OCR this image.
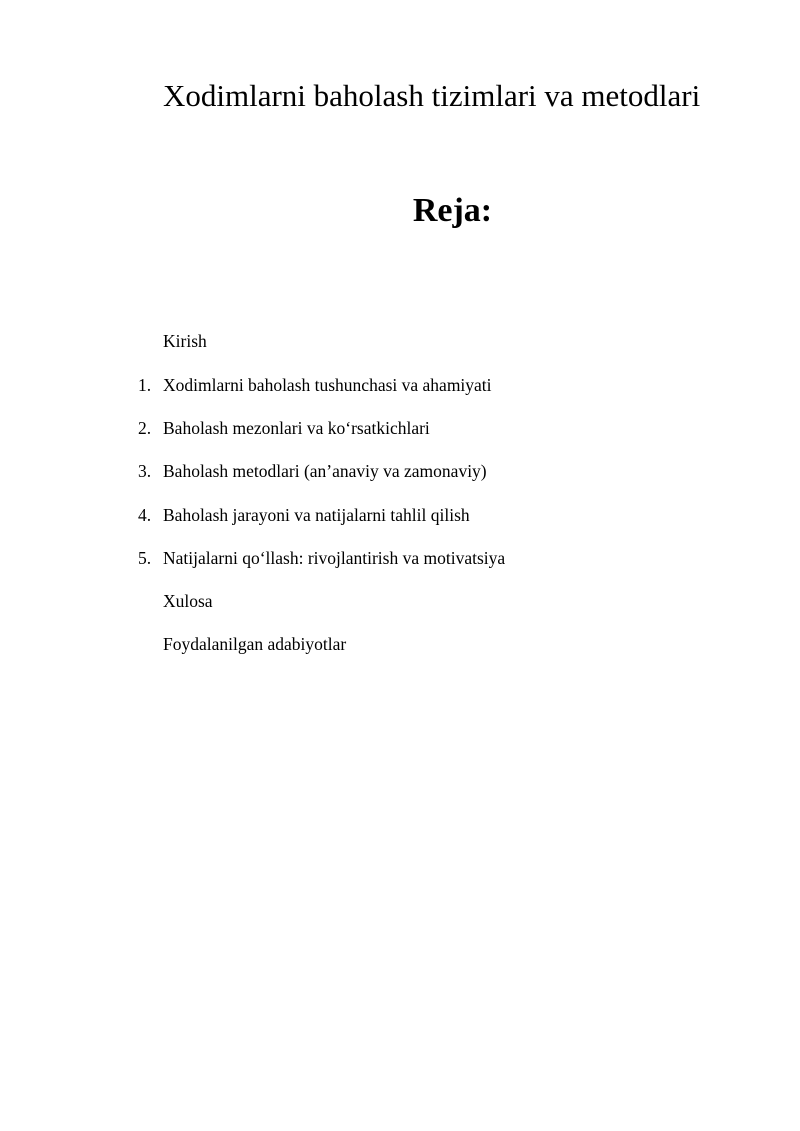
Xodimlarni baholash tizimlari va metodlari
Reja:
Kirish
1. Xodimlarni baholash tushunchasi va ahamiyati
2. Baholash mezonlari va ko‘rsatkichlari
3. Baholash metodlari (an’anaviy va zamonaviy)
4. Baholash jarayoni va natijalarni tahlil qilish
5. Natijalarni qo‘llash: rivojlantirish va motivatsiya
Xulosa
Foydalanilgan adabiyotlar
